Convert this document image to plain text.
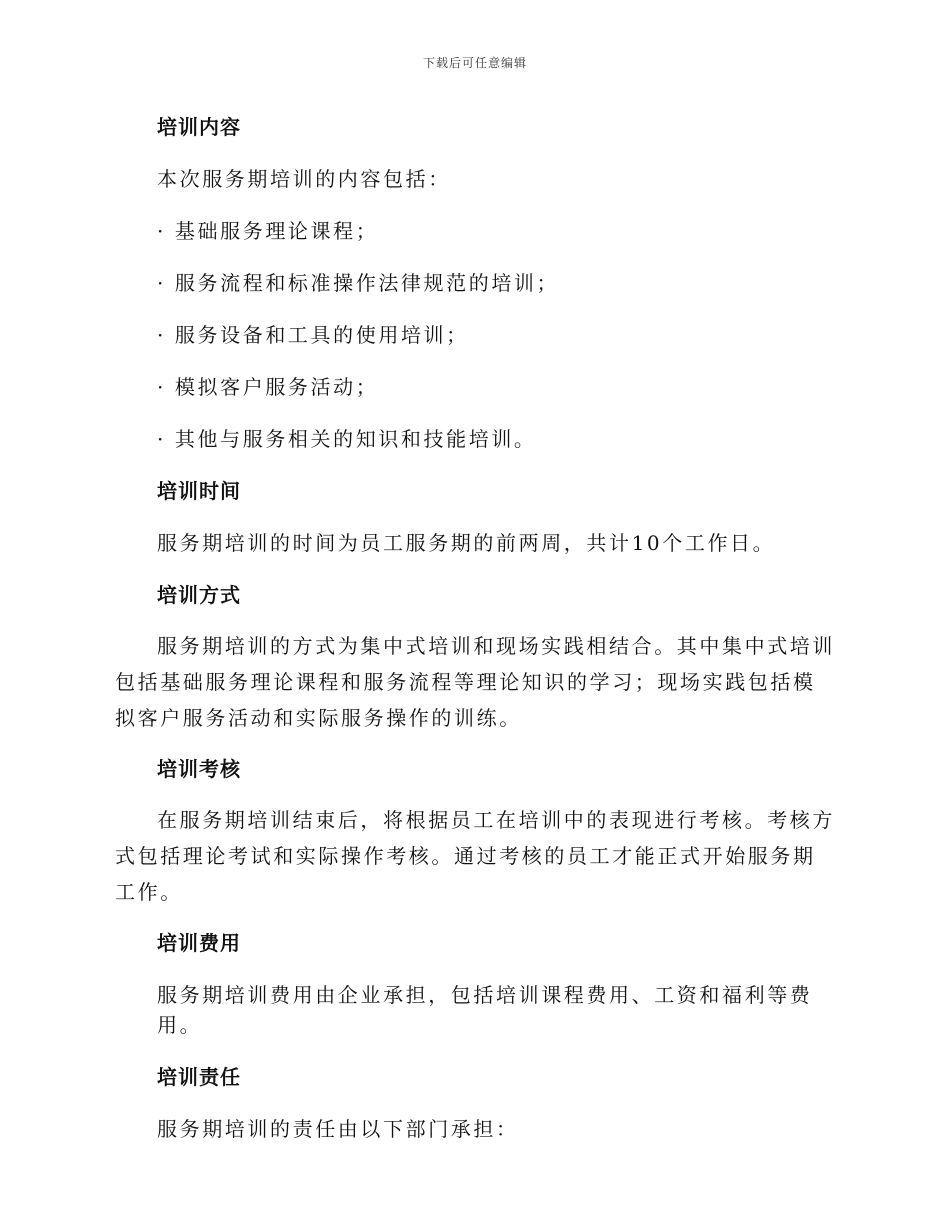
下载后可任意编辑
培训内容

本次服务期培训的内容包括：

· 基础服务理论课程；

· 服务流程和标准操作法律规范的培训；

· 服务设备和工具的使用培训；

· 模拟客户服务活动；

· 其他与服务相关的知识和技能培训。

培训时间

服务期培训的时间为员工服务期的前两周，共计10个工作日。

培训方式

服务期培训的方式为集中式培训和现场实践相结合。其中集中式培训包括基础服务理论课程和服务流程等理论知识的学习；现场实践包括模拟客户服务活动和实际服务操作的训练。

培训考核

在服务期培训结束后，将根据员工在培训中的表现进行考核。考核方式包括理论考试和实际操作考核。通过考核的员工才能正式开始服务期工作。

培训费用

服务期培训费用由企业承担，包括培训课程费用、工资和福利等费用。

培训责任

服务期培训的责任由以下部门承担：
